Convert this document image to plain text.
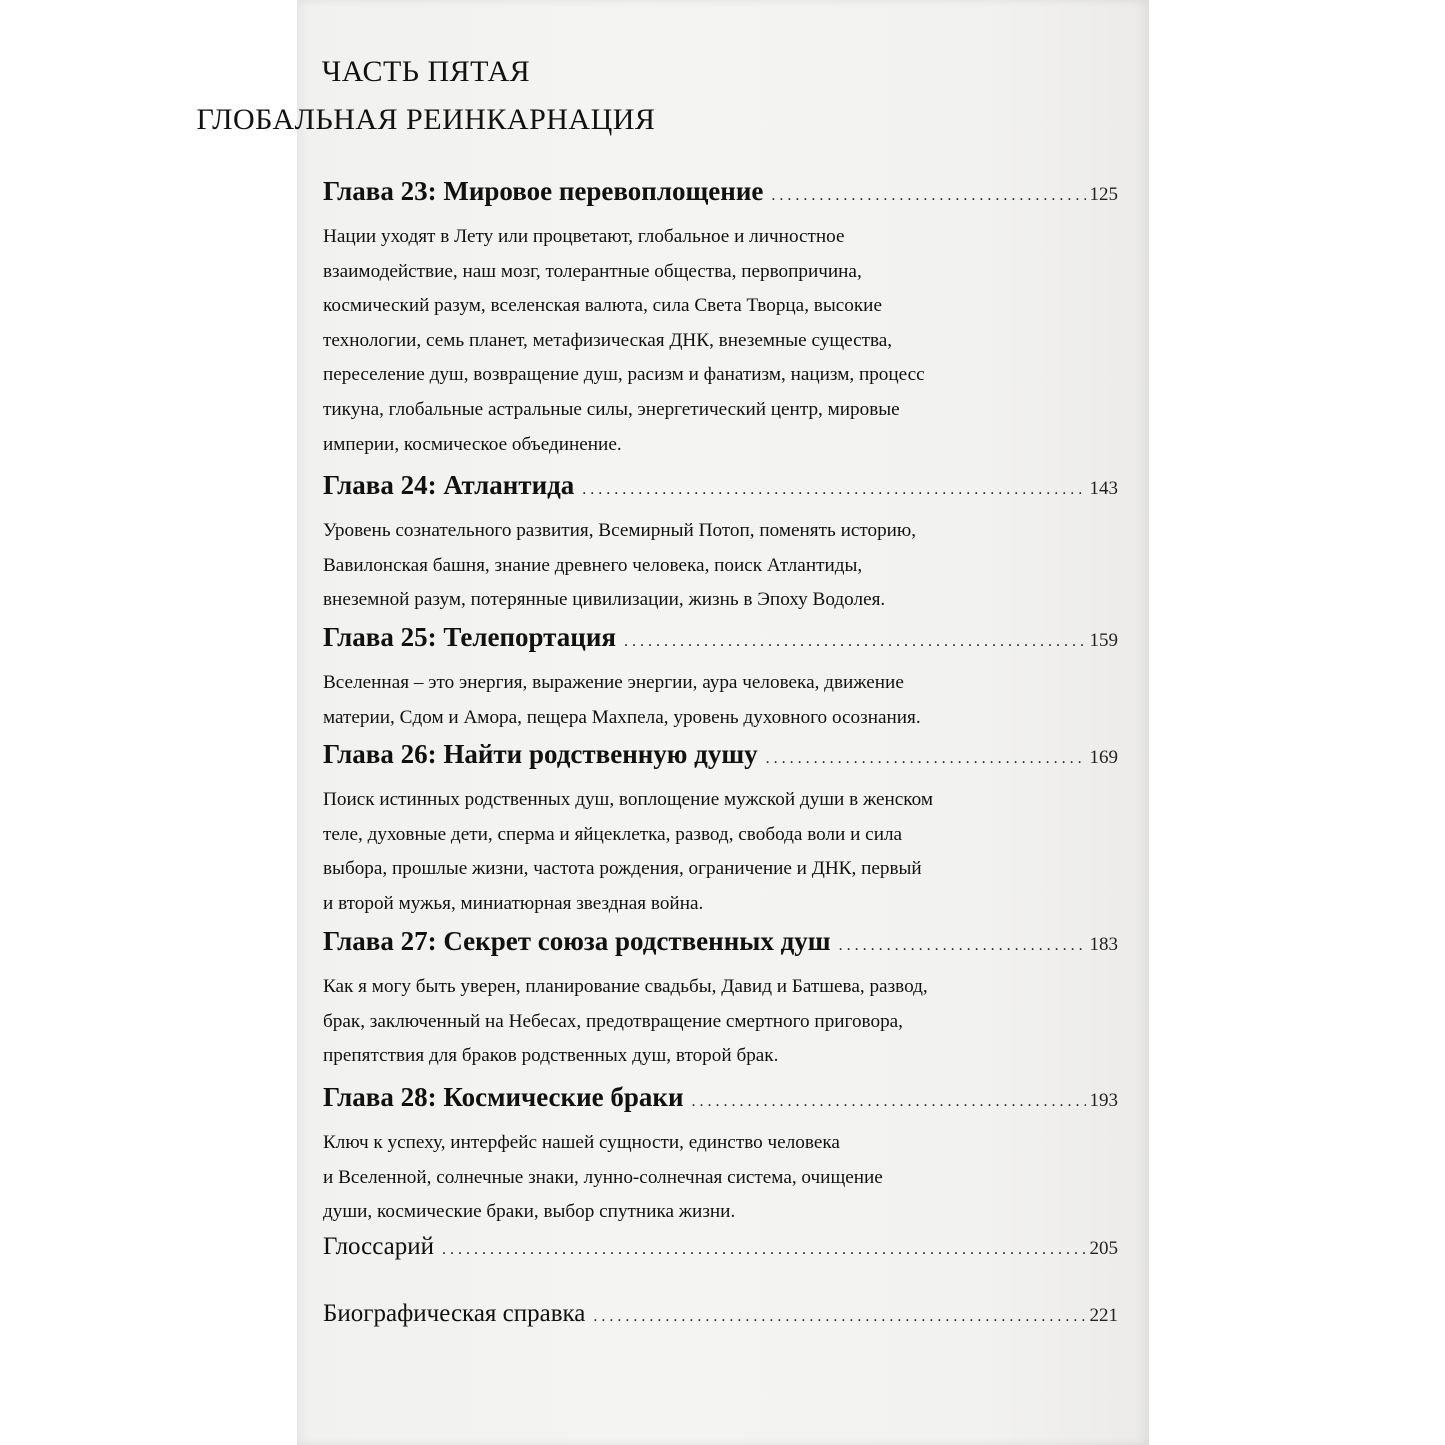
ЧАСТЬ ПЯТАЯ
ГЛОБАЛЬНАЯ РЕИНКАРНАЦИЯ
Глава 23: Мировое перевоплощение . . .	125
Нации уходят в Лету или процветают, глобальное и личностное
взаимодействие, наш мозг, толерантные общества, первопричина,
космический разум, вселенская валюта, сила Света Творца, высокие
технологии, семь планет, метафизическая ДНК, внеземные существа,
переселение душ, возвращение душ, расизм и фанатизм, нацизм, процесс
тикуна, глобальные астральные силы, энергетический центр, мировые
империи, космическое объединение.
Глава 24: Атлантида . . .	143
Уровень сознательного развития, Всемирный Потоп, поменять историю,
Вавилонская башня, знание древнего человека, поиск Атлантиды,
внеземной разум, потерянные цивилизации, жизнь в Эпоху Водолея.
Глава 25: Телепортация . . .	159
Вселенная – это энергия, выражение энергии, аура человека, движение
материи, Сдом и Амора, пещера Махпела, уровень духовного осознания.
Глава 26: Найти родственную душу . . .	169
Поиск истинных родственных душ, воплощение мужской души в женском
теле, духовные дети, сперма и яйцеклетка, развод, свобода воли и сила
выбора, прошлые жизни, частота рождения, ограничение и ДНК, первый
и второй мужья, миниатюрная звездная война.
Глава 27: Секрет союза родственных душ . . .	183
Как я могу быть уверен, планирование свадьбы, Давид и Батшева, развод,
брак, заключенный на Небесах, предотвращение смертного приговора,
препятствия для браков родственных душ, второй брак.
Глава 28: Космические браки . . .	193
Ключ к успеху, интерфейс нашей сущности, единство человека
и Вселенной, солнечные знаки, лунно-солнечная система, очищение
души, космические браки, выбор спутника жизни.
Глоссарий . . .	205
Биографическая справка . . .	221
